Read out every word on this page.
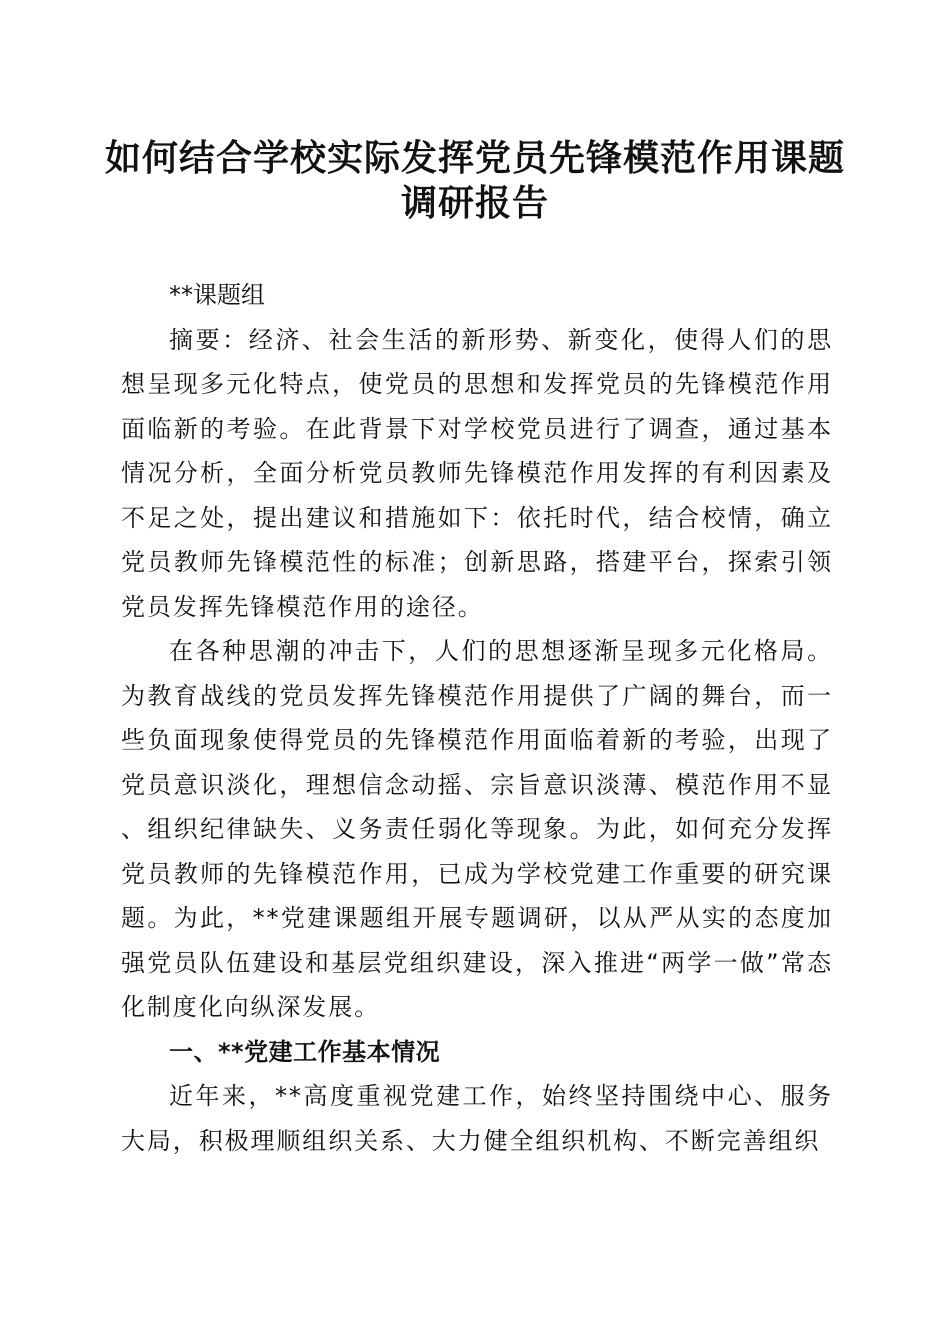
如何结合学校实际发挥党员先锋模范作用课题
调研报告

**课题组

摘要：经济、社会生活的新形势、新变化，使得人们的思想呈现多元化特点，使党员的思想和发挥党员的先锋模范作用面临新的考验。在此背景下对学校党员进行了调查，通过基本情况分析，全面分析党员教师先锋模范作用发挥的有利因素及不足之处，提出建议和措施如下：依托时代，结合校情，确立党员教师先锋模范性的标准；创新思路，搭建平台，探索引领党员发挥先锋模范作用的途径。

在各种思潮的冲击下，人们的思想逐渐呈现多元化格局。为教育战线的党员发挥先锋模范作用提供了广阔的舞台，而一些负面现象使得党员的先锋模范作用面临着新的考验，出现了党员意识淡化，理想信念动摇、宗旨意识淡薄、模范作用不显、组织纪律缺失、义务责任弱化等现象。为此，如何充分发挥党员教师的先锋模范作用，已成为学校党建工作重要的研究课题。为此，**党建课题组开展专题调研，以从严从实的态度加强党员队伍建设和基层党组织建设，深入推进“两学一做”常态化制度化向纵深发展。

一、**党建工作基本情况

近年来，**高度重视党建工作，始终坚持围绕中心、服务大局，积极理顺组织关系、大力健全组织机构、不断完善组织
